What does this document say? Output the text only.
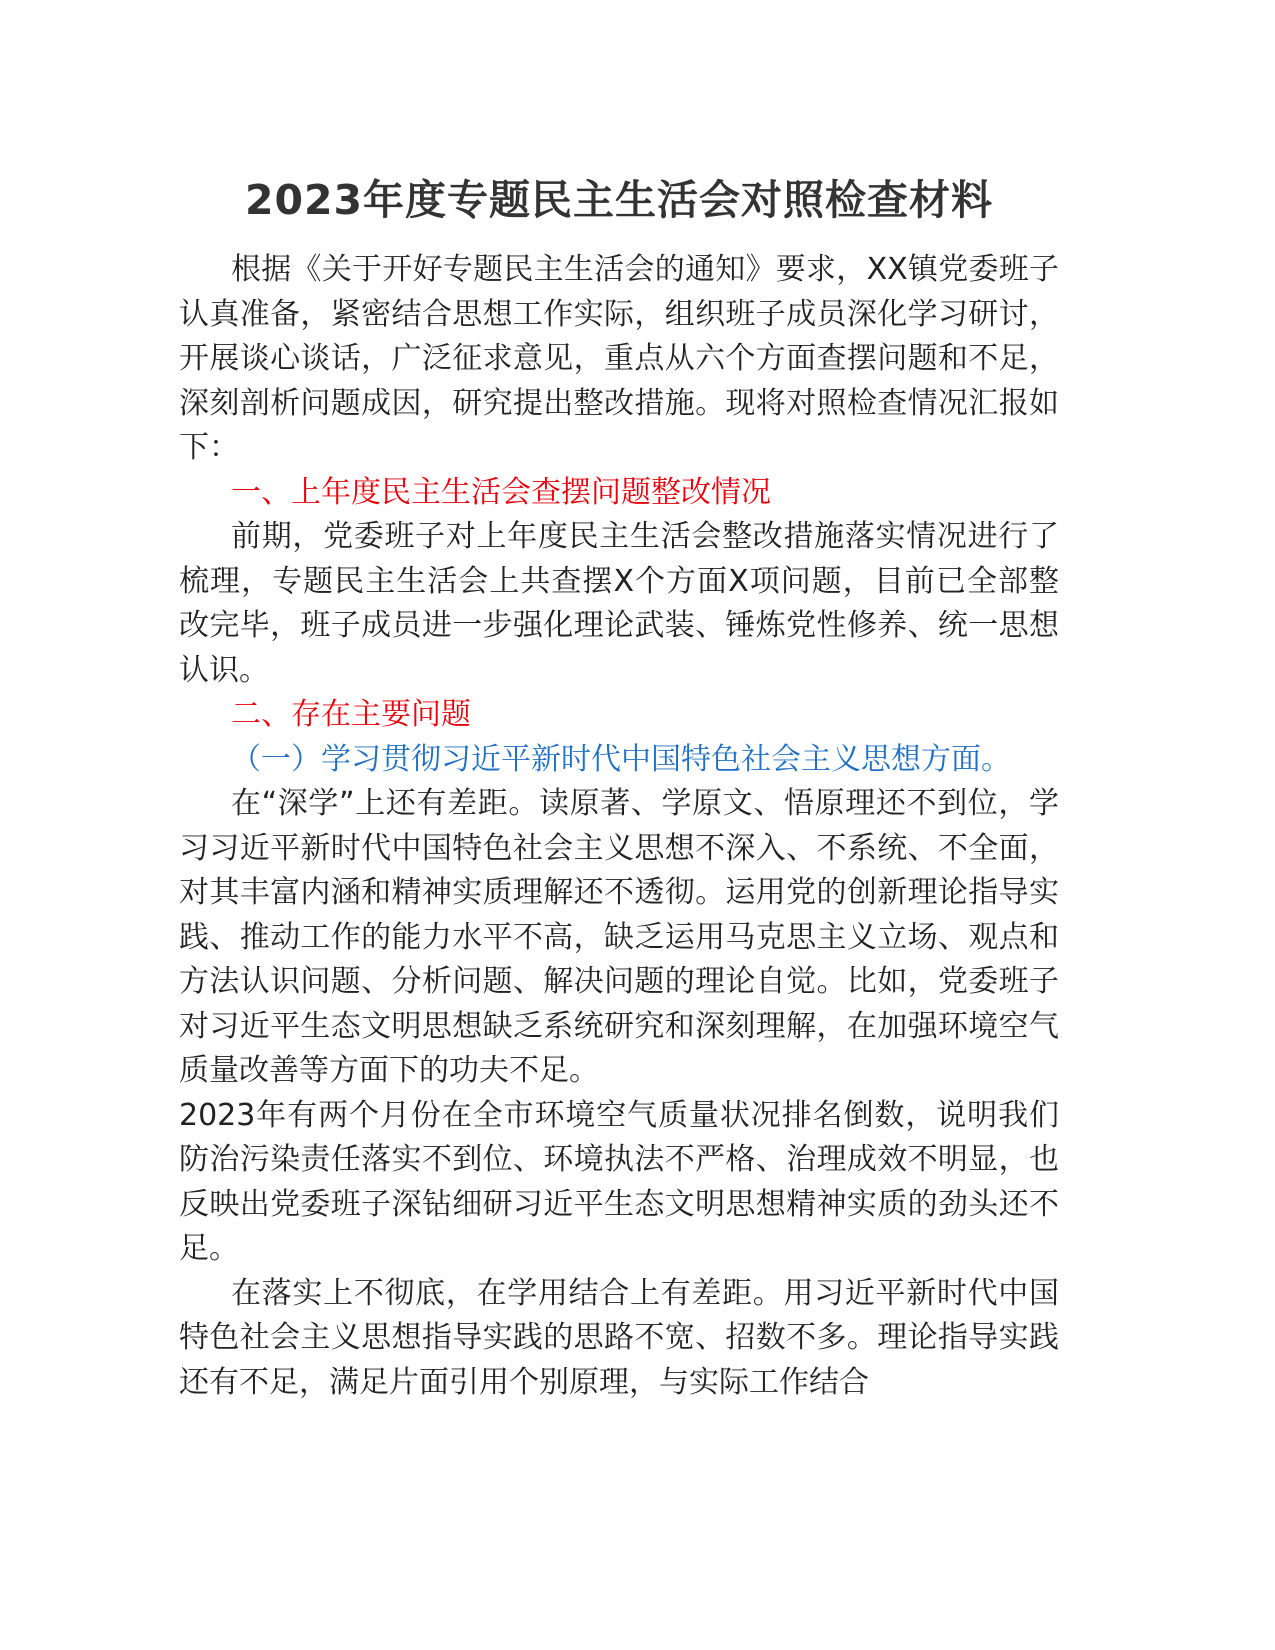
2023年度专题民主生活会对照检查材料

根据《关于开好专题民主生活会的通知》要求，XX镇党委班子认真准备，紧密结合思想工作实际，组织班子成员深化学习研讨，开展谈心谈话，广泛征求意见，重点从六个方面查摆问题和不足，深刻剖析问题成因，研究提出整改措施。现将对照检查情况汇报如下：

一、上年度民主生活会查摆问题整改情况

前期，党委班子对上年度民主生活会整改措施落实情况进行了梳理，专题民主生活会上共查摆X个方面X项问题，目前已全部整改完毕，班子成员进一步强化理论武装、锤炼党性修养、统一思想认识。

二、存在主要问题

（一）学习贯彻习近平新时代中国特色社会主义思想方面。

在“深学”上还有差距。读原著、学原文、悟原理还不到位，学习习近平新时代中国特色社会主义思想不深入、不系统、不全面，对其丰富内涵和精神实质理解还不透彻。运用党的创新理论指导实践、推动工作的能力水平不高，缺乏运用马克思主义立场、观点和方法认识问题、分析问题、解决问题的理论自觉。比如，党委班子对习近平生态文明思想缺乏系统研究和深刻理解，在加强环境空气质量改善等方面下的功夫不足。

2023年有两个月份在全市环境空气质量状况排名倒数，说明我们防治污染责任落实不到位、环境执法不严格、治理成效不明显，也反映出党委班子深钻细研习近平生态文明思想精神实质的劲头还不足。

在落实上不彻底，在学用结合上有差距。用习近平新时代中国特色社会主义思想指导实践的思路不宽、招数不多。理论指导实践还有不足，满足片面引用个别原理，与实际工作结合
